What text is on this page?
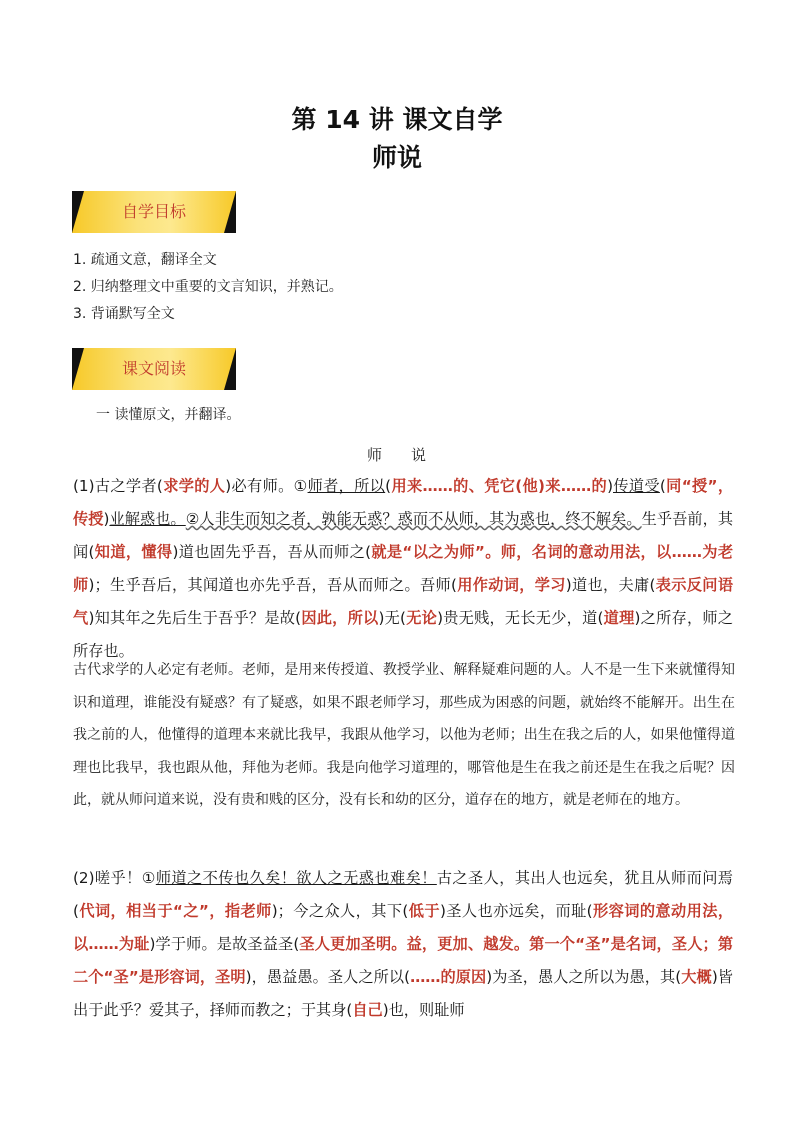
第 14 讲 课文自学
师说
自学目标
1. 疏通文意，翻译全文
2. 归纳整理文中重要的文言知识，并熟记。
3. 背诵默写全文
课文阅读
一 读懂原文，并翻译。
师 说
(1)古之学者(求学的人)必有师。①师者，所以(用来……的、凭它(他)来……的)传道受(同“授”，传授)业解惑也。②人非生而知之者，孰能无惑？惑而不从师，其为惑也，终不解矣。生乎吾前，其闻(知道，懂得)道也固先乎吾，吾从而师之(就是“以之为师”。师，名词的意动用法，以……为老师)；生乎吾后，其闻道也亦先乎吾，吾从而师之。吾师(用作动词，学习)道也，夫庸(表示反问语气)知其年之先后生于吾乎？是故(因此，所以)无(无论)贵无贱，无长无少，道(道理)之所存，师之所存也。
古代求学的人必定有老师。老师，是用来传授道、教授学业、解释疑难问题的人。人不是一生下来就懂得知识和道理，谁能没有疑惑？有了疑惑，如果不跟老师学习，那些成为困惑的问题，就始终不能解开。出生在我之前的人，他懂得的道理本来就比我早，我跟从他学习，以他为老师；出生在我之后的人，如果他懂得道理也比我早，我也跟从他，拜他为老师。我是向他学习道理的，哪管他是生在我之前还是生在我之后呢？因此，就从师问道来说，没有贵和贱的区分，没有长和幼的区分，道存在的地方，就是老师在的地方。
(2)嗟乎！①师道之不传也久矣！欲人之无惑也难矣！古之圣人，其出人也远矣，犹且从师而问焉(代词，相当于“之”，指老师)；今之众人，其下(低于)圣人也亦远矣，而耻(形容词的意动用法，以……为耻)学于师。是故圣益圣(圣人更加圣明。益，更加、越发。第一个“圣”是名词，圣人；第二个“圣”是形容词，圣明)，愚益愚。圣人之所以(……的原因)为圣，愚人之所以为愚，其(大概)皆出于此乎？爱其子，择师而教之；于其身(自己)也，则耻师
